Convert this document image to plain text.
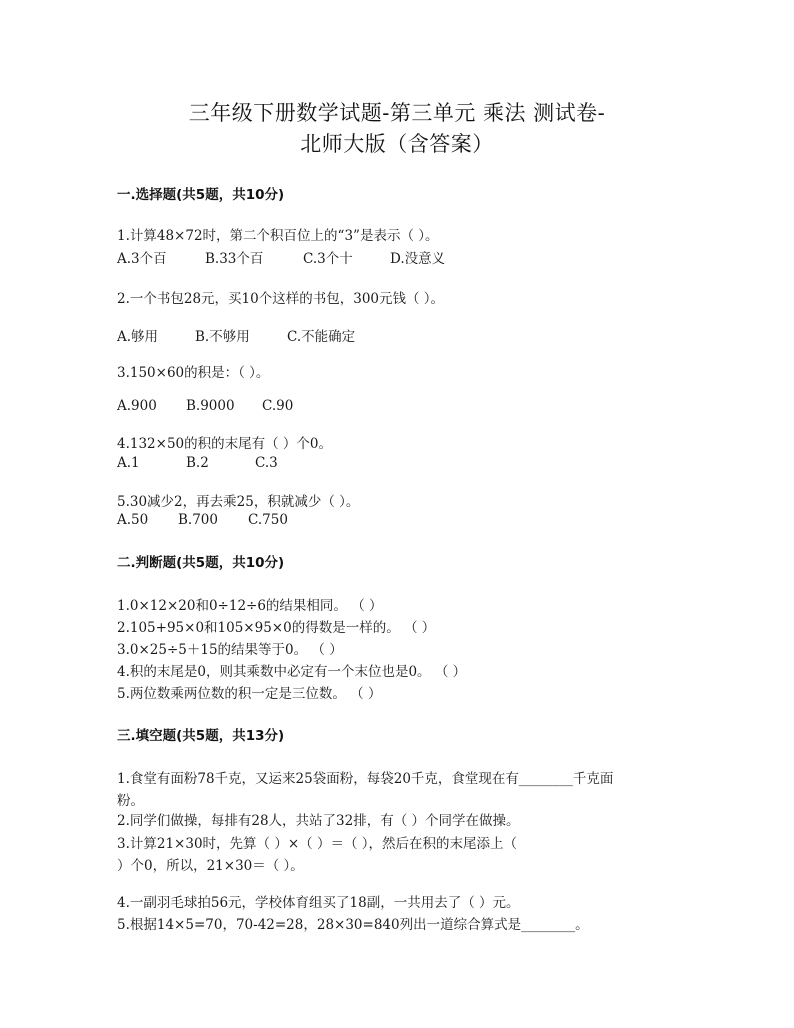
三年级下册数学试题-第三单元 乘法 测试卷-
北师大版（含答案）
一.选择题(共5题，共10分)
1.计算48×72时，第二个积百位上的“3”是表示（ ）。
A.3个百	B.33个百	C.3个十	D.没意义
2.一个书包28元，买10个这样的书包，300元钱（ ）。
A.够用	B.不够用	C.不能确定
3.150×60的积是：（ ）。
A.900 B.9000 C.90
4.132×50的积的末尾有（ ）个0。
A.1	B.2	C.3
5.30减少2，再去乘25，积就减少（ ）。
A.50 B.700 C.750
二.判断题(共5题，共10分)
1.0×12×20和0÷12÷6的结果相同。 （ ）
2.105+95×0和105×95×0的得数是一样的。 （ ）
3.0×25÷5＋15的结果等于0。 （ ）
4.积的末尾是0，则其乘数中必定有一个末位也是0。 （ ）
5.两位数乘两位数的积一定是三位数。 （ ）
三.填空题(共5题，共13分)
1.食堂有面粉78千克，又运来25袋面粉，每袋20千克，食堂现在有________千克面
粉。
2.同学们做操，每排有28人，共站了32排，有（ ）个同学在做操。
3.计算21×30时，先算（ ）×（ ）＝（ ），然后在积的末尾添上（
）个0，所以，21×30＝（ ）。
4.一副羽毛球拍56元，学校体育组买了18副，一共用去了（ ）元。
5.根据14×5=70，70-42=28，28×30=840列出一道综合算式是________。
